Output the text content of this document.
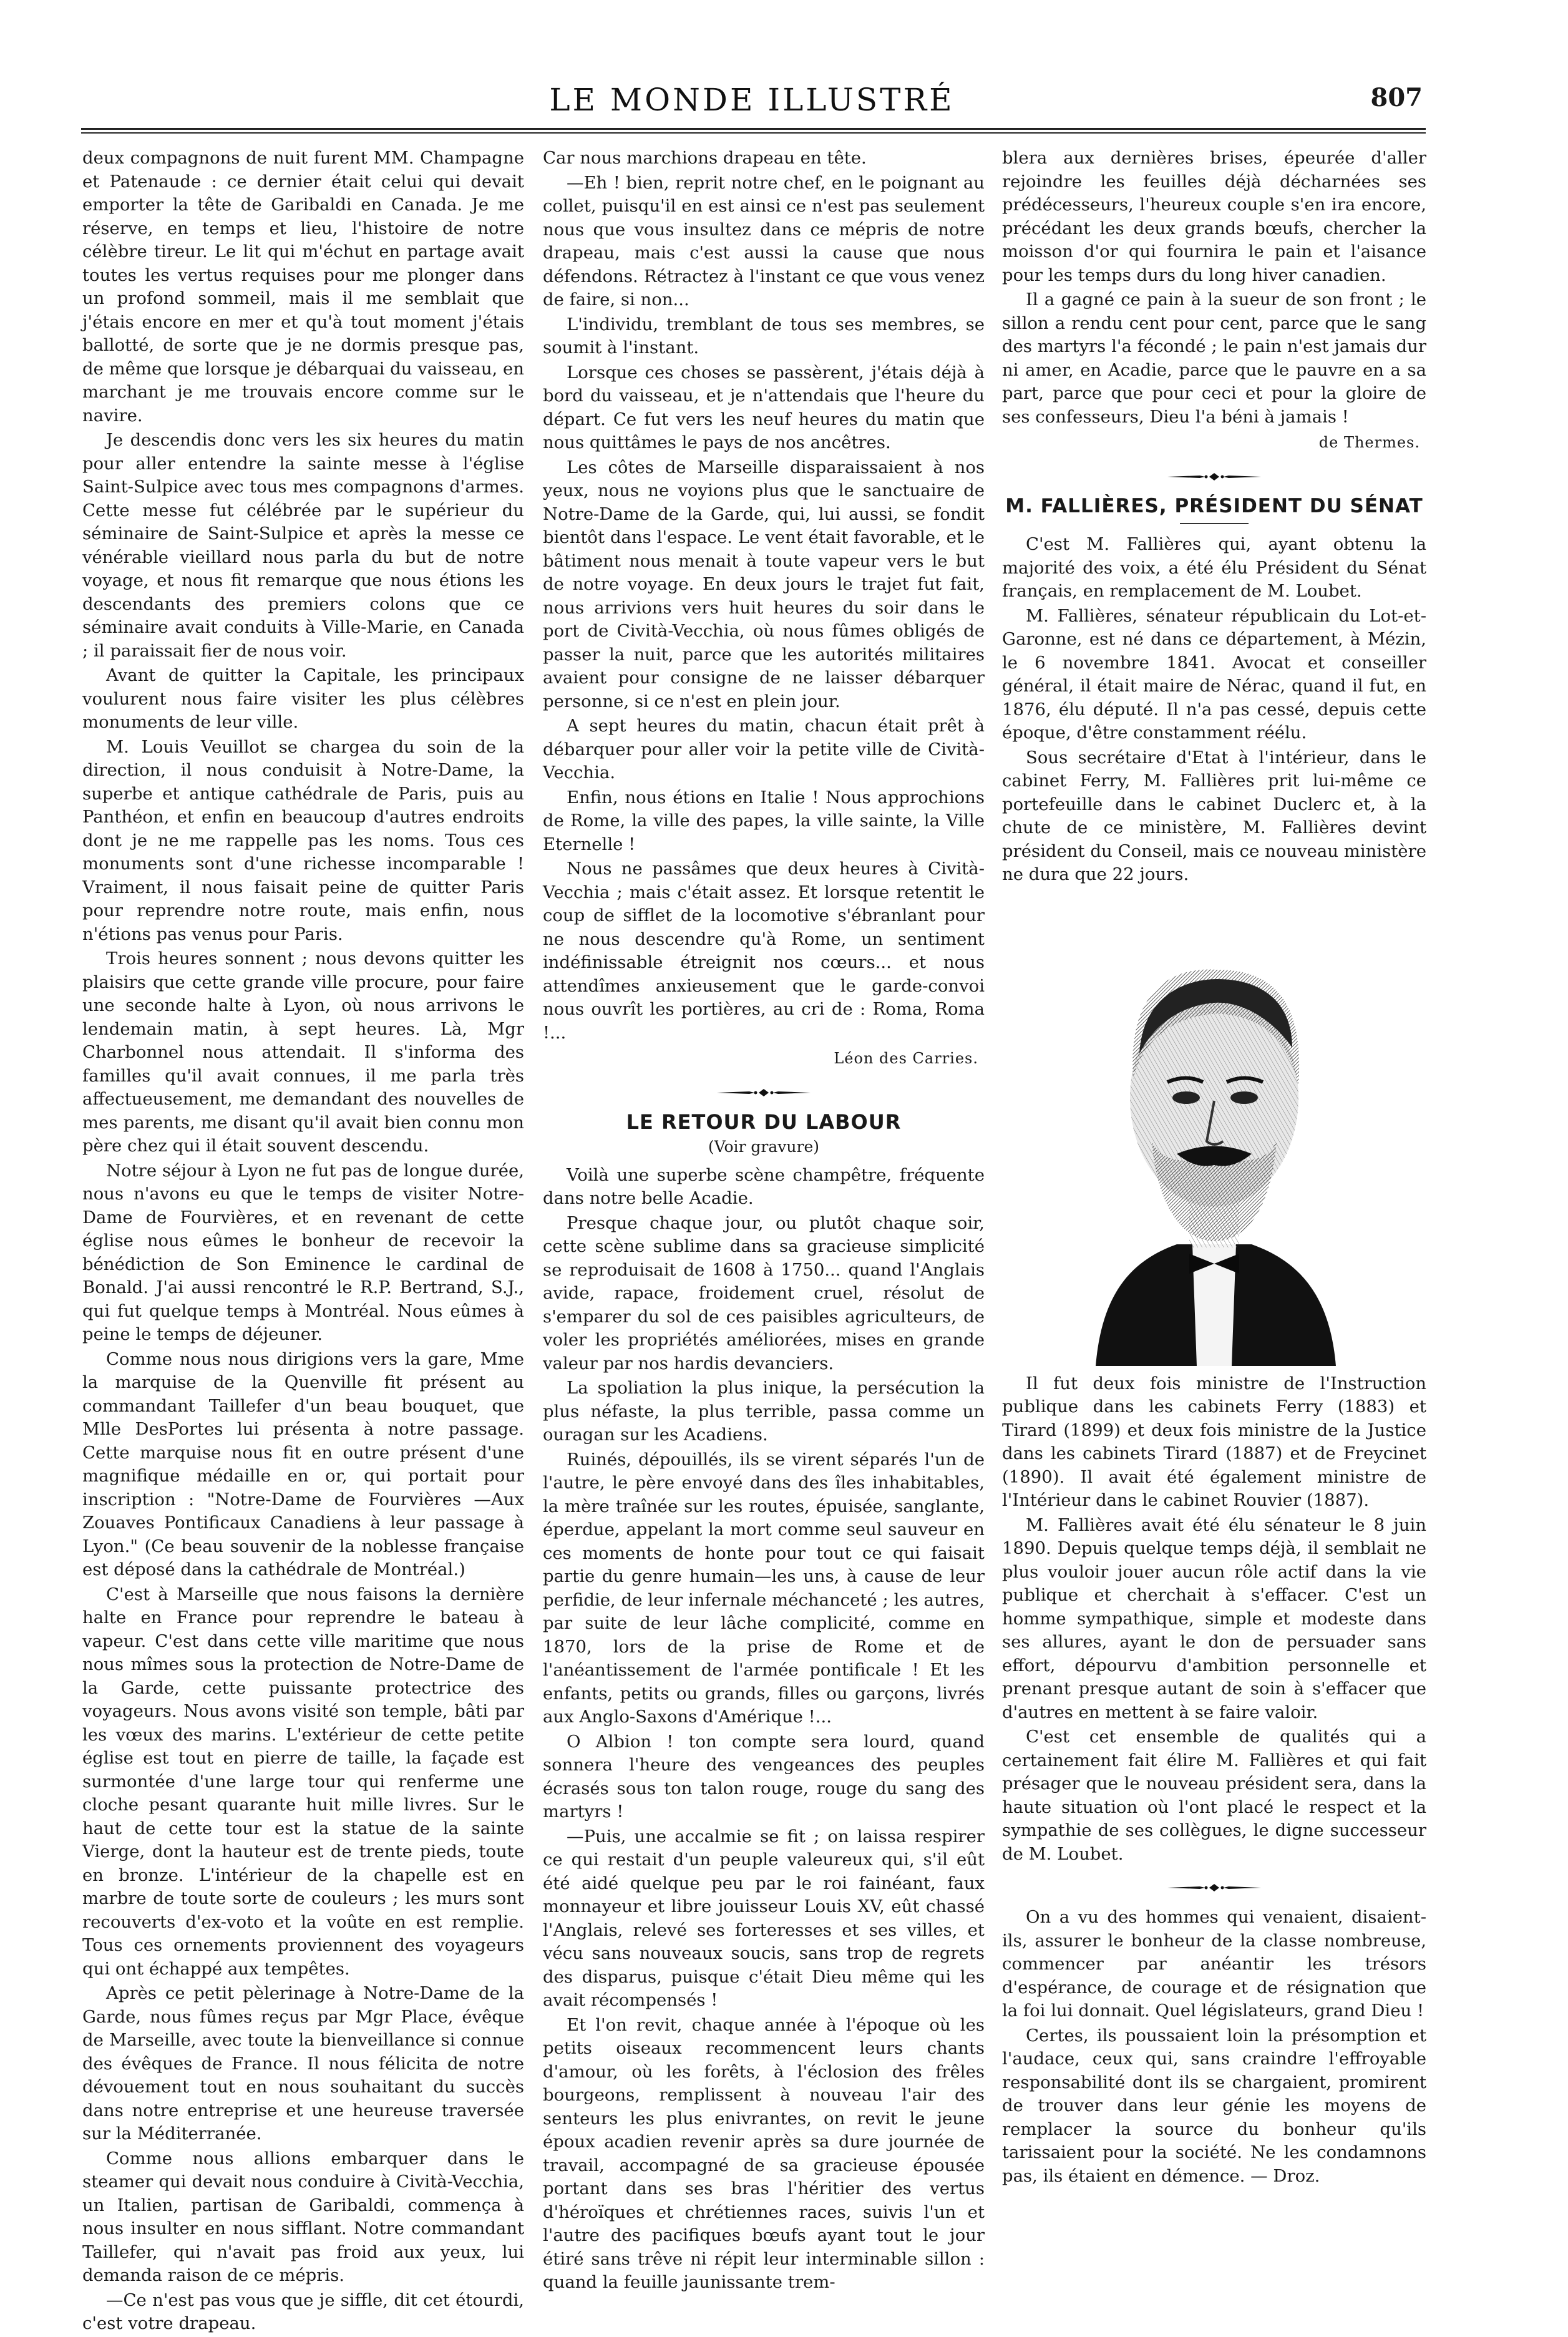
LE MONDE ILLUSTRÉ	807

deux compagnons de nuit furent MM. Champagne et Patenaude : ce dernier était celui qui devait emporter la tête de Garibaldi en Canada. Je me réserve, en temps et lieu, l'histoire de notre célèbre tireur. Le lit qui m'échut en partage avait toutes les vertus requises pour me plonger dans un profond sommeil, mais il me semblait que j'étais encore en mer et qu'à tout moment j'étais ballotté, de sorte que je ne dormis presque pas, de même que lorsque je débarquai du vaisseau, en marchant je me trouvais encore comme sur le navire.

Je descendis donc vers les six heures du matin pour aller entendre la sainte messe à l'église Saint-Sulpice avec tous mes compagnons d'armes. Cette messe fut célébrée par le supérieur du séminaire de Saint-Sulpice et après la messe ce vénérable vieillard nous parla du but de notre voyage, et nous fit remarque que nous étions les descendants des premiers colons que ce séminaire avait conduits à Ville-Marie, en Canada ; il paraissait fier de nous voir.

Avant de quitter la Capitale, les principaux voulurent nous faire visiter les plus célèbres monuments de leur ville.

M. Louis Veuillot se chargea du soin de la direction, il nous conduisit à Notre-Dame, la superbe et antique cathédrale de Paris, puis au Panthéon, et enfin en beaucoup d'autres endroits dont je ne me rappelle pas les noms. Tous ces monuments sont d'une richesse incomparable ! Vraiment, il nous faisait peine de quitter Paris pour reprendre notre route, mais enfin, nous n'étions pas venus pour Paris.

Trois heures sonnent ; nous devons quitter les plaisirs que cette grande ville procure, pour faire une seconde halte à Lyon, où nous arrivons le lendemain matin, à sept heures. Là, Mgr Charbonnel nous attendait. Il s'informa des familles qu'il avait connues, il me parla très affectueusement, me demandant des nouvelles de mes parents, me disant qu'il avait bien connu mon père chez qui il était souvent descendu.

Notre séjour à Lyon ne fut pas de longue durée, nous n'avons eu que le temps de visiter Notre-Dame de Fourvières, et en revenant de cette église nous eûmes le bonheur de recevoir la bénédiction de Son Eminence le cardinal de Bonald. J'ai aussi rencontré le R.P. Bertrand, S.J., qui fut quelque temps à Montréal. Nous eûmes à peine le temps de déjeuner.

Comme nous nous dirigions vers la gare, Mme la marquise de la Quenville fit présent au commandant Taillefer d'un beau bouquet, que Mlle DesPortes lui présenta à notre passage. Cette marquise nous fit en outre présent d'une magnifique médaille en or, qui portait pour inscription : "Notre-Dame de Fourvières —Aux Zouaves Pontificaux Canadiens à leur passage à Lyon." (Ce beau souvenir de la noblesse française est déposé dans la cathédrale de Montréal.)

C'est à Marseille que nous faisons la dernière halte en France pour reprendre le bateau à vapeur. C'est dans cette ville maritime que nous nous mîmes sous la protection de Notre-Dame de la Garde, cette puissante protectrice des voyageurs. Nous avons visité son temple, bâti par les vœux des marins. L'extérieur de cette petite église est tout en pierre de taille, la façade est surmontée d'une large tour qui renferme une cloche pesant quarante huit mille livres. Sur le haut de cette tour est la statue de la sainte Vierge, dont la hauteur est de trente pieds, toute en bronze. L'intérieur de la chapelle est en marbre de toute sorte de couleurs ; les murs sont recouverts d'ex-voto et la voûte en est remplie. Tous ces ornements proviennent des voyageurs qui ont échappé aux tempêtes.

Après ce petit pèlerinage à Notre-Dame de la Garde, nous fûmes reçus par Mgr Place, évêque de Marseille, avec toute la bienveillance si connue des évêques de France. Il nous félicita de notre dévouement tout en nous souhaitant du succès dans notre entreprise et une heureuse traversée sur la Méditerranée.

Comme nous allions embarquer dans le steamer qui devait nous conduire à Cività-Vecchia, un Italien, partisan de Garibaldi, commença à nous insulter en nous sifflant. Notre commandant Taillefer, qui n'avait pas froid aux yeux, lui demanda raison de ce mépris.

—Ce n'est pas vous que je siffle, dit cet étourdi, c'est votre drapeau.

Car nous marchions drapeau en tête.

—Eh ! bien, reprit notre chef, en le poignant au collet, puisqu'il en est ainsi ce n'est pas seulement nous que vous insultez dans ce mépris de notre drapeau, mais c'est aussi la cause que nous défendons. Rétractez à l'instant ce que vous venez de faire, si non...

L'individu, tremblant de tous ses membres, se soumit à l'instant.

Lorsque ces choses se passèrent, j'étais déjà à bord du vaisseau, et je n'attendais que l'heure du départ. Ce fut vers les neuf heures du matin que nous quittâmes le pays de nos ancêtres.

Les côtes de Marseille disparaissaient à nos yeux, nous ne voyions plus que le sanctuaire de Notre-Dame de la Garde, qui, lui aussi, se fondit bientôt dans l'espace. Le vent était favorable, et le bâtiment nous menait à toute vapeur vers le but de notre voyage. En deux jours le trajet fut fait, nous arrivions vers huit heures du soir dans le port de Cività-Vecchia, où nous fûmes obligés de passer la nuit, parce que les autorités militaires avaient pour consigne de ne laisser débarquer personne, si ce n'est en plein jour.

A sept heures du matin, chacun était prêt à débarquer pour aller voir la petite ville de Cività-Vecchia.

Enfin, nous étions en Italie ! Nous approchions de Rome, la ville des papes, la ville sainte, la Ville Eternelle !

Nous ne passâmes que deux heures à Cività-Vecchia ; mais c'était assez. Et lorsque retentit le coup de sifflet de la locomotive s'ébranlant pour ne nous descendre qu'à Rome, un sentiment indéfinissable étreignit nos cœurs... et nous attendîmes anxieusement que le garde-convoi nous ouvrît les portières, au cri de : Roma, Roma !...

Léon des Carries.
LE RETOUR DU LABOUR
(Voir gravure)

Voilà une superbe scène champêtre, fréquente dans notre belle Acadie.

Presque chaque jour, ou plutôt chaque soir, cette scène sublime dans sa gracieuse simplicité se reproduisait de 1608 à 1750... quand l'Anglais avide, rapace, froidement cruel, résolut de s'emparer du sol de ces paisibles agriculteurs, de voler les propriétés améliorées, mises en grande valeur par nos hardis devanciers.

La spoliation la plus inique, la persécution la plus néfaste, la plus terrible, passa comme un ouragan sur les Acadiens.

Ruinés, dépouillés, ils se virent séparés l'un de l'autre, le père envoyé dans des îles inhabitables, la mère traînée sur les routes, épuisée, sanglante, éperdue, appelant la mort comme seul sauveur en ces moments de honte pour tout ce qui faisait partie du genre humain—les uns, à cause de leur perfidie, de leur infernale méchanceté ; les autres, par suite de leur lâche complicité, comme en 1870, lors de la prise de Rome et de l'anéantissement de l'armée pontificale ! Et les enfants, petits ou grands, filles ou garçons, livrés aux Anglo-Saxons d'Amérique !...

O Albion ! ton compte sera lourd, quand sonnera l'heure des vengeances des peuples écrasés sous ton talon rouge, rouge du sang des martyrs !

—Puis, une accalmie se fit ; on laissa respirer ce qui restait d'un peuple valeureux qui, s'il eût été aidé quelque peu par le roi fainéant, faux monnayeur et libre jouisseur Louis XV, eût chassé l'Anglais, relevé ses forteresses et ses villes, et vécu sans nouveaux soucis, sans trop de regrets des disparus, puisque c'était Dieu même qui les avait récompensés !

Et l'on revit, chaque année à l'époque où les petits oiseaux recommencent leurs chants d'amour, où les forêts, à l'éclosion des frêles bourgeons, remplissent à nouveau l'air des senteurs les plus enivrantes, on revit le jeune époux acadien revenir après sa dure journée de travail, accompagné de sa gracieuse épousée portant dans ses bras l'héritier des vertus d'héroïques et chrétiennes races, suivis l'un et l'autre des pacifiques bœufs ayant tout le jour étiré sans trêve ni répit leur interminable sillon : quand la feuille jaunissante trem-

blera aux dernières brises, épeurée d'aller rejoindre les feuilles déjà décharnées ses prédécesseurs, l'heureux couple s'en ira encore, précédant les deux grands bœufs, chercher la moisson d'or qui fournira le pain et l'aisance pour les temps durs du long hiver canadien.

Il a gagné ce pain à la sueur de son front ; le sillon a rendu cent pour cent, parce que le sang des martyrs l'a fécondé ; le pain n'est jamais dur ni amer, en Acadie, parce que le pauvre en a sa part, parce que pour ceci et pour la gloire de ses confesseurs, Dieu l'a béni à jamais !

de Thermes.
M. FALLIÈRES, PRÉSIDENT DU SÉNAT

C'est M. Fallières qui, ayant obtenu la majorité des voix, a été élu Président du Sénat français, en remplacement de M. Loubet.

M. Fallières, sénateur républicain du Lot-et-Garonne, est né dans ce département, à Mézin, le 6 novembre 1841. Avocat et conseiller général, il était maire de Nérac, quand il fut, en 1876, élu député. Il n'a pas cessé, depuis cette époque, d'être constamment réélu.

Sous secrétaire d'Etat à l'intérieur, dans le cabinet Ferry, M. Fallières prit lui-même ce portefeuille dans le cabinet Duclerc et, à la chute de ce ministère, M. Fallières devint président du Conseil, mais ce nouveau ministère ne dura que 22 jours.

Il fut deux fois ministre de l'Instruction publique dans les cabinets Ferry (1883) et Tirard (1899) et deux fois ministre de la Justice dans les cabinets Tirard (1887) et de Freycinet (1890). Il avait été également ministre de l'Intérieur dans le cabinet Rouvier (1887).

M. Fallières avait été élu sénateur le 8 juin 1890. Depuis quelque temps déjà, il semblait ne plus vouloir jouer aucun rôle actif dans la vie publique et cherchait à s'effacer. C'est un homme sympathique, simple et modeste dans ses allures, ayant le don de persuader sans effort, dépourvu d'ambition personnelle et prenant presque autant de soin à s'effacer que d'autres en mettent à se faire valoir.

C'est cet ensemble de qualités qui a certainement fait élire M. Fallières et qui fait présager que le nouveau président sera, dans la haute situation où l'ont placé le respect et la sympathie de ses collègues, le digne successeur de M. Loubet.

On a vu des hommes qui venaient, disaient-ils, assurer le bonheur de la classe nombreuse, commencer par anéantir les trésors d'espérance, de courage et de résignation que la foi lui donnait. Quel législateurs, grand Dieu !

Certes, ils poussaient loin la présomption et l'audace, ceux qui, sans craindre l'effroyable responsabilité dont ils se chargaient, promirent de trouver dans leur génie les moyens de remplacer la source du bonheur qu'ils tarissaient pour la société. Ne les condamnons pas, ils étaient en démence. — Droz.
